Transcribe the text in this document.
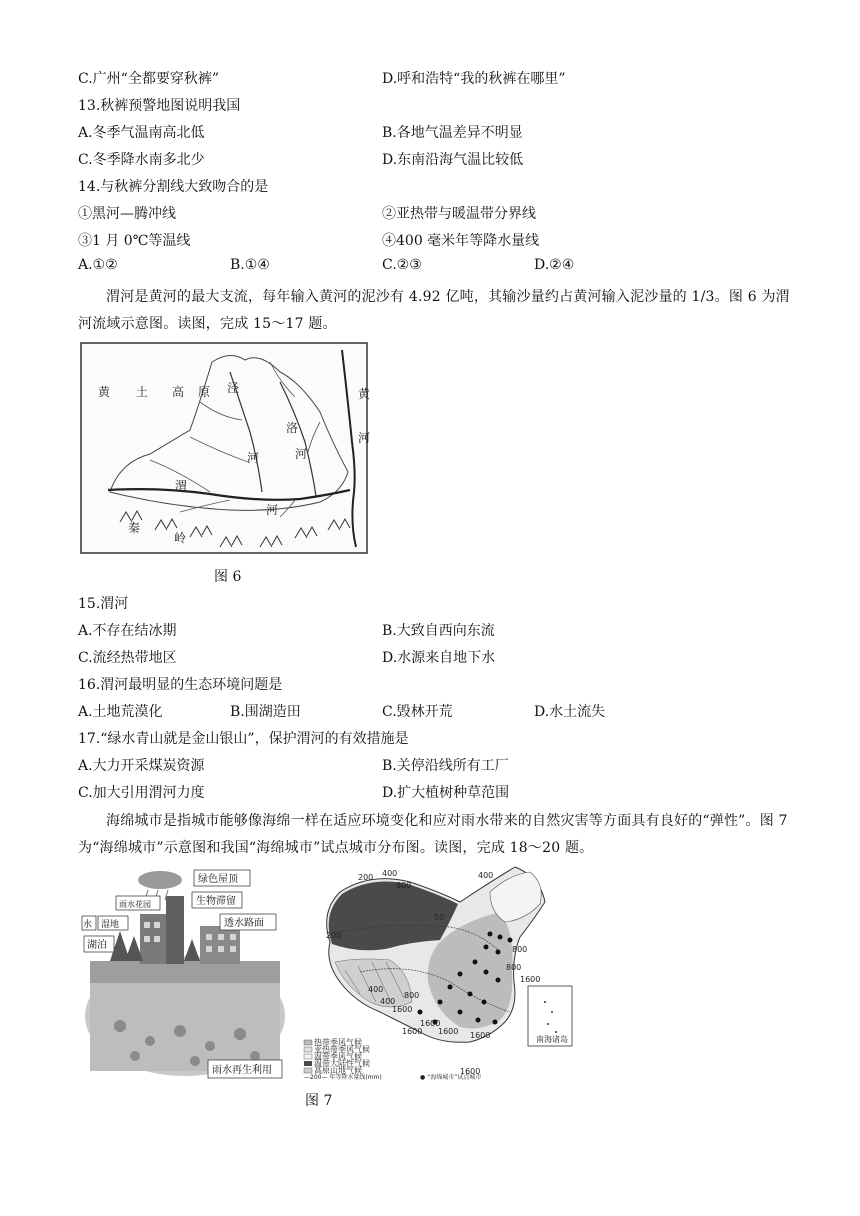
C.广州“全都要穿秋裤”	D.呼和浩特“我的秋裤在哪里”
13.秋裤预警地图说明我国
A.冬季气温南高北低	B.各地气温差异不明显
C.冬季降水南多北少	D.东南沿海气温比较低
14.与秋裤分割线大致吻合的是
①黑河—腾冲线	②亚热带与暖温带分界线
③1 月 0℃等温线	④400 毫米年等降水量线
A.①②	B.①④	C.②③	D.②④
渭河是黄河的最大支流，每年输入黄河的泥沙有 4.92 亿吨，其输沙量约占黄河输入泥沙量的 1/3。图 6 为渭河流域示意图。读图，完成 15～17 题。
黄 土 高 原 泾
洛
河	河
渭
河
秦
岭
黄
河
图 6
15.渭河
A.不存在结冰期	B.大致自西向东流
C.流经热带地区	D.水源来自地下水
16.渭河最明显的生态环境问题是
A.土地荒漠化	B.围湖造田	C.毁林开荒	D.水土流失
17.“绿水青山就是金山银山”，保护渭河的有效措施是
A.大力开采煤炭资源	B.关停沿线所有工厂
C.加大引用渭河力度	D.扩大植树种草范围
海绵城市是指城市能够像海绵一样在适应环境变化和应对雨水带来的自然灾害等方面具有良好的“弹性”。图 7 为“海绵城市”示意图和我国“海绵城市”试点城市分布图。读图，完成 18～20 题。
绿色屋顶
雨水花园	生物滞留
透水路面
水 湿地
湖泊
雨水再生利用
200 400
800
200
50
400
800
1600
800
400
400
800
1600
1600
1600
1600	1600
1600
热带季风气候
亚热带季风气候
温带季风气候
温带大陆性气候
高原山地气候
—200— 年等降水量线(mm)	● “海绵城市”试点城市
南海诸岛
图 7
